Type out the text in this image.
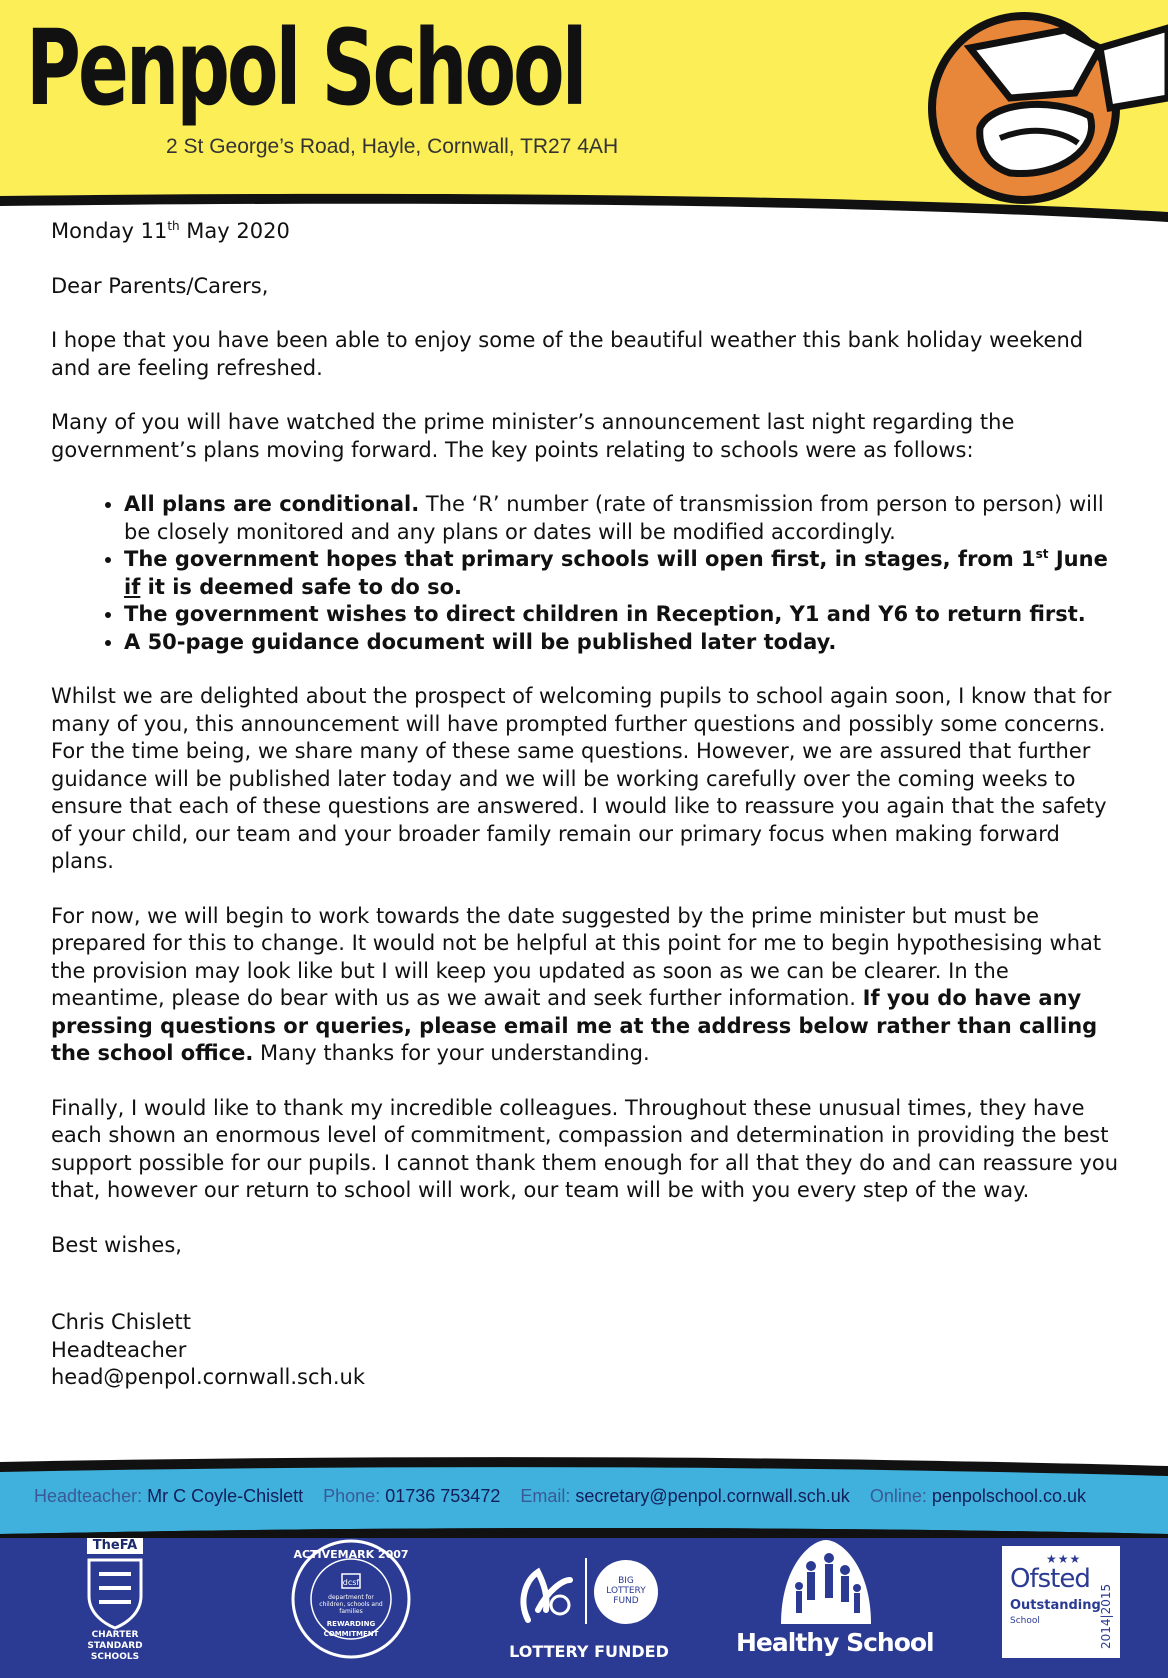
Penpol School
2 St George’s Road, Hayle, Cornwall, TR27 4AH

Monday 11th May 2020

Dear Parents/Carers,

I hope that you have been able to enjoy some of the beautiful weather this bank holiday weekend and are feeling refreshed.

Many of you will have watched the prime minister’s announcement last night regarding the government’s plans moving forward. The key points relating to schools were as follows:

• All plans are conditional. The ‘R’ number (rate of transmission from person to person) will be closely monitored and any plans or dates will be modified accordingly.
• The government hopes that primary schools will open first, in stages, from 1st June if it is deemed safe to do so.
• The government wishes to direct children in Reception, Y1 and Y6 to return first.
• A 50-page guidance document will be published later today.

Whilst we are delighted about the prospect of welcoming pupils to school again soon, I know that for many of you, this announcement will have prompted further questions and possibly some concerns. For the time being, we share many of these same questions. However, we are assured that further guidance will be published later today and we will be working carefully over the coming weeks to ensure that each of these questions are answered. I would like to reassure you again that the safety of your child, our team and your broader family remain our primary focus when making forward plans.

For now, we will begin to work towards the date suggested by the prime minister but must be prepared for this to change. It would not be helpful at this point for me to begin hypothesising what the provision may look like but I will keep you updated as soon as we can be clearer. In the meantime, please do bear with us as we await and seek further information. If you do have any pressing questions or queries, please email me at the address below rather than calling the school office. Many thanks for your understanding.

Finally, I would like to thank my incredible colleagues. Throughout these unusual times, they have each shown an enormous level of commitment, compassion and determination in providing the best support possible for our pupils. I cannot thank them enough for all that they do and can reassure you that, however our return to school will work, our team will be with you every step of the way.

Best wishes,

Chris Chislett
Headteacher
head@penpol.cornwall.sch.uk
Headteacher: Mr C Coyle-Chislett Phone: 01736 753472 Email: secretary@penpol.cornwall.sch.uk Online: penpolschool.co.uk
TheFA
CHARTER
STANDARD
SCHOOLS
ACTIVEMARK 2007
dcsf
department for children, schools and families
REWARDING
COMMITMENT
BIG
LOTTERY
FUND
LOTTERY FUNDED	Healthy School
★★★
Ofsted
Outstanding
School	2014|2015
